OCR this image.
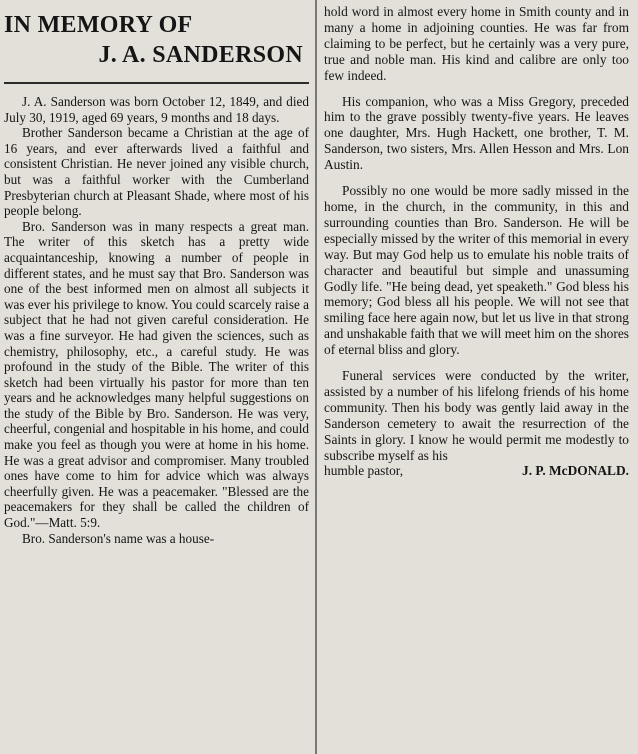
IN MEMORY OF
J. A. SANDERSON

J. A. Sanderson was born October 12, 1849, and died July 30, 1919, aged 69 years, 9 months and 18 days.

Brother Sanderson became a Christian at the age of 16 years, and ever afterwards lived a faithful and consistent Christian. He never joined any visible church, but was a faithful worker with the Cumberland Presbyterian church at Pleasant Shade, where most of his people belong.

Bro. Sanderson was in many respects a great man. The writer of this sketch has a pretty wide acquaintanceship, knowing a number of people in different states, and he must say that Bro. Sanderson was one of the best informed men on almost all subjects it was ever his privilege to know. You could scarcely raise a subject that he had not given careful consideration. He was a fine surveyor. He had given the sciences, such as chemistry, philosophy, etc., a careful study. He was profound in the study of the Bible. The writer of this sketch had been virtually his pastor for more than ten years and he acknowledges many helpful suggestions on the study of the Bible by Bro. Sanderson. He was very, cheerful, congenial and hospitable in his home, and could make you feel as though you were at home in his home. He was a great advisor and compromiser. Many troubled ones have come to him for advice which was always cheerfully given. He was a peacemaker. "Blessed are the peacemakers for they shall be called the children of God."—Matt. 5:9.

Bro. Sanderson's name was a house-

hold word in almost every home in Smith county and in many a home in adjoining counties. He was far from claiming to be perfect, but he certainly was a very pure, true and noble man. His kind and calibre are only too few indeed.

His companion, who was a Miss Gregory, preceded him to the grave possibly twenty-five years. He leaves one daughter, Mrs. Hugh Hackett, one brother, T. M. Sanderson, two sisters, Mrs. Allen Hesson and Mrs. Lon Austin.

Possibly no one would be more sadly missed in the home, in the church, in the community, in this and surrounding counties than Bro. Sanderson. He will be especially missed by the writer of this memorial in every way. But may God help us to emulate his noble traits of character and beautiful but simple and unassuming Godly life. "He being dead, yet speaketh." God bless his memory; God bless all his people. We will not see that smiling face here again now, but let us live in that strong and unshakable faith that we will meet him on the shores of eternal bliss and glory.

Funeral services were conducted by the writer, assisted by a number of his lifelong friends of his home community. Then his body was gently laid away in the Sanderson cemetery to await the resurrection of the Saints in glory. I know he would permit me modestly to subscribe myself as his

humble pastor,	J. P. McDONALD.
